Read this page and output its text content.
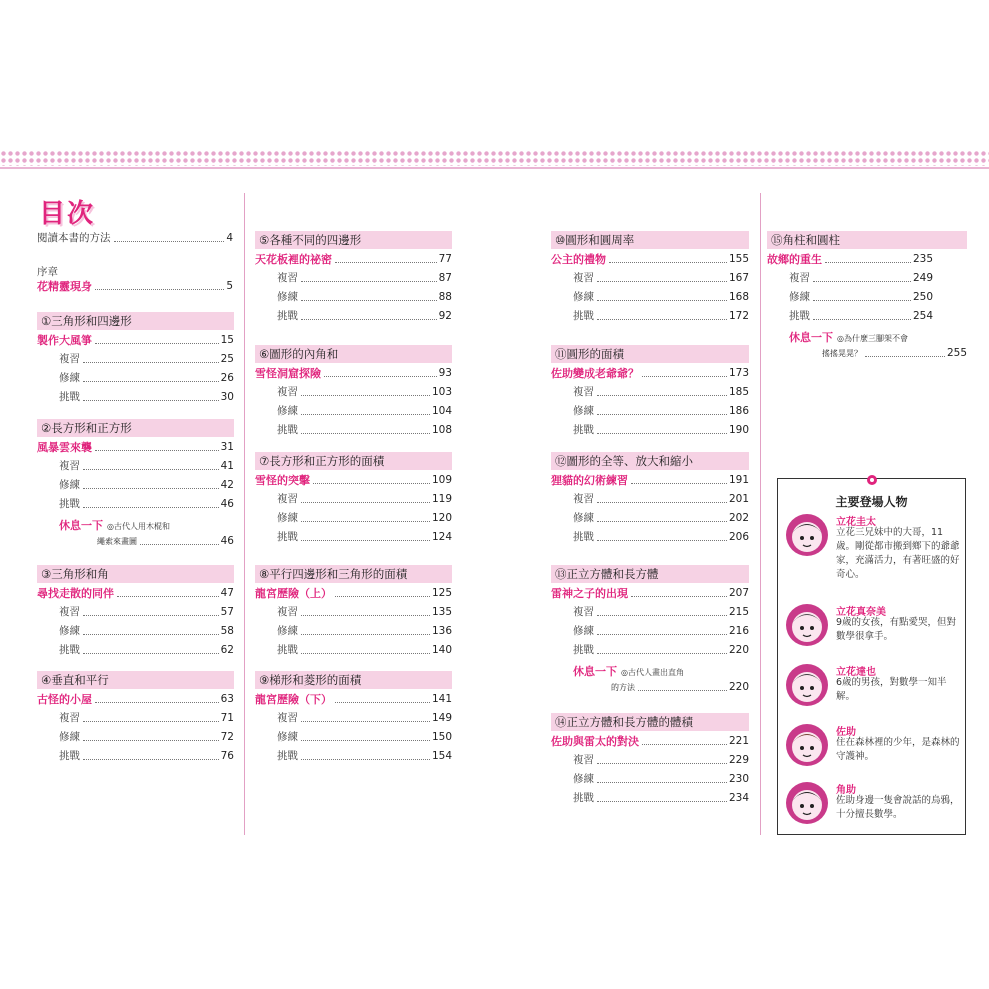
目次
閱讀本書的方法	4
序章
花精靈現身	5
①三角形和四邊形
製作大風箏	15
複習	25
修練	26
挑戰	30
②長方形和正方形
風暴雲來襲	31
複習	41
修練	42
挑戰	46
休息一下 ◎古代人用木棍和
繩索來畫圖	46
③三角形和角
尋找走散的同伴	47
複習	57
修練	58
挑戰	62
④垂直和平行
古怪的小屋	63
複習	71
修練	72
挑戰	76
⑤各種不同的四邊形
天花板裡的祕密	77
複習	87
修練	88
挑戰	92
⑥圖形的內角和
雪怪洞窟探險	93
複習	103
修練	104
挑戰	108
⑦長方形和正方形的面積
雪怪的突擊	109
複習	119
修練	120
挑戰	124
⑧平行四邊形和三角形的面積
龍宮歷險（上）	125
複習	135
修練	136
挑戰	140
⑨梯形和菱形的面積
龍宮歷險（下）	141
複習	149
修練	150
挑戰	154
⑩圓形和圓周率
公主的禮物	155
複習	167
修練	168
挑戰	172
⑪圓形的面積
佐助變成老爺爺？	173
複習	185
修練	186
挑戰	190
⑫圖形的全等、放大和縮小
狸貓的幻術練習	191
複習	201
修練	202
挑戰	206
⑬正立方體和長方體
雷神之子的出現	207
複習	215
修練	216
挑戰	220
休息一下 ◎古代人畫出直角
的方法	220
⑭正立方體和長方體的體積
佐助與雷太的對決	221
複習	229
修練	230
挑戰	234
⑮角柱和圓柱
故鄉的重生	235
複習	249
修練	250
挑戰	254
休息一下 ◎為什麼三腳架不會
搖搖晃晃？	255
主要登場人物
立花圭太
立花三兄妹中的大哥，11歲。剛從都市搬到鄉下的爺爺家，充滿活力，有著旺盛的好奇心。
立花真奈美
9歲的女孩，有點愛哭，但對數學很拿手。
立花達也
6歲的男孩，對數學一知半解。
佐助
住在森林裡的少年，是森林的守護神。
角助
佐助身邊一隻會說話的烏鴉，十分擅長數學。
